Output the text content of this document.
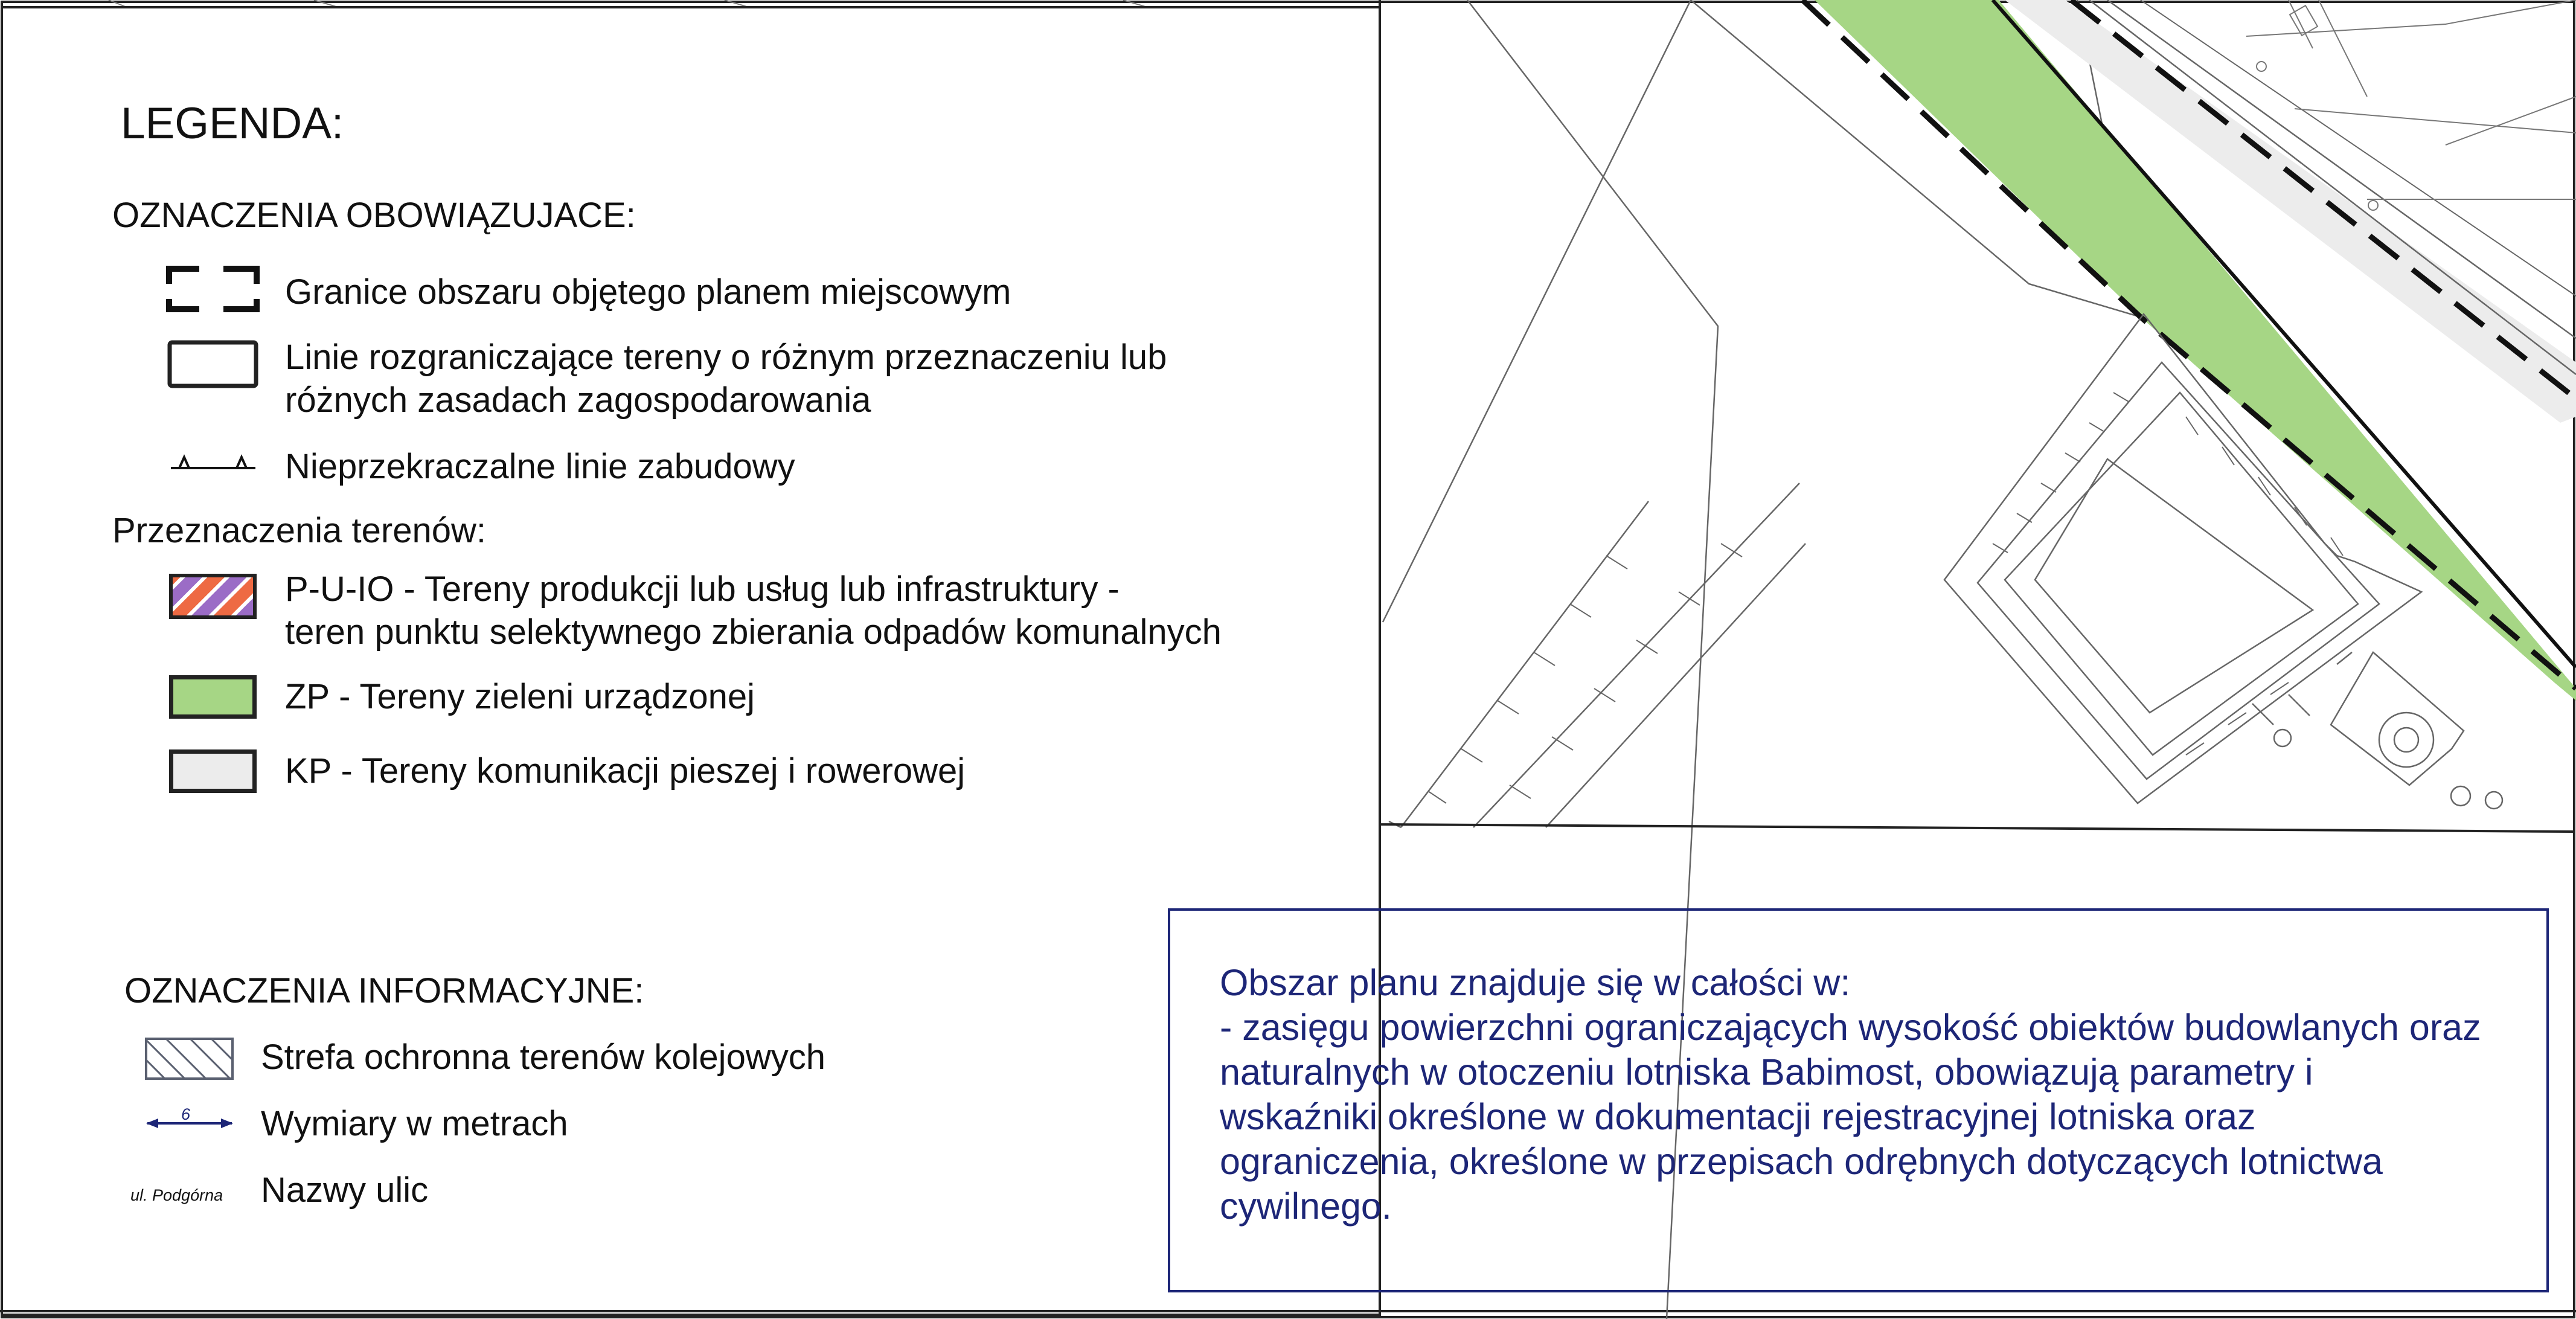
LEGENDA:
OZNACZENIA OBOWIĄZUJACE:
Granice obszaru objętego planem miejscowym
Linie rozgraniczające tereny o różnym przeznaczeniu lub
różnych zasadach zagospodarowania
Nieprzekraczalne linie zabudowy
Przeznaczenia terenów:
P-U-IO - Tereny produkcji lub usług lub infrastruktury -
teren punktu selektywnego zbierania odpadów komunalnych
ZP - Tereny zieleni urządzonej
KP - Tereny komunikacji pieszej i rowerowej
OZNACZENIA INFORMACYJNE:
Strefa ochronna terenów kolejowych
6 Wymiary w metrach
ul. Podgórna Nazwy ulic
Obszar planu znajduje się w całości w:
- zasięgu powierzchni ograniczających wysokość obiektów budowlanych oraz
naturalnych w otoczeniu lotniska Babimost, obowiązują parametry i
wskaźniki określone w dokumentacji rejestracyjnej lotniska oraz
ograniczenia, określone w przepisach odrębnych dotyczących lotnictwa
cywilnego.
